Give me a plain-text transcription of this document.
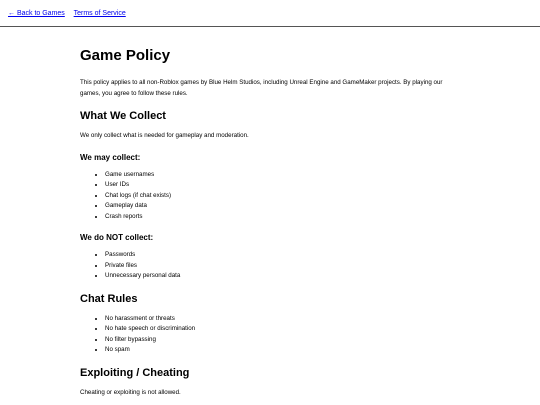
← Back to Games Terms of Service
Game Policy

This policy applies to all non-Roblox games by Blue Helm Studios, including Unreal Engine and GameMaker projects. By playing our games, you agree to follow these rules.

What We Collect

We only collect what is needed for gameplay and moderation.

We may collect:
• Game usernames
• User IDs
• Chat logs (if chat exists)
• Gameplay data
• Crash reports
We do NOT collect:
• Passwords
• Private files
• Unnecessary personal data
Chat Rules
• No harassment or threats
• No hate speech or discrimination
• No filter bypassing
• No spam
Exploiting / Cheating

Cheating or exploiting is not allowed.
